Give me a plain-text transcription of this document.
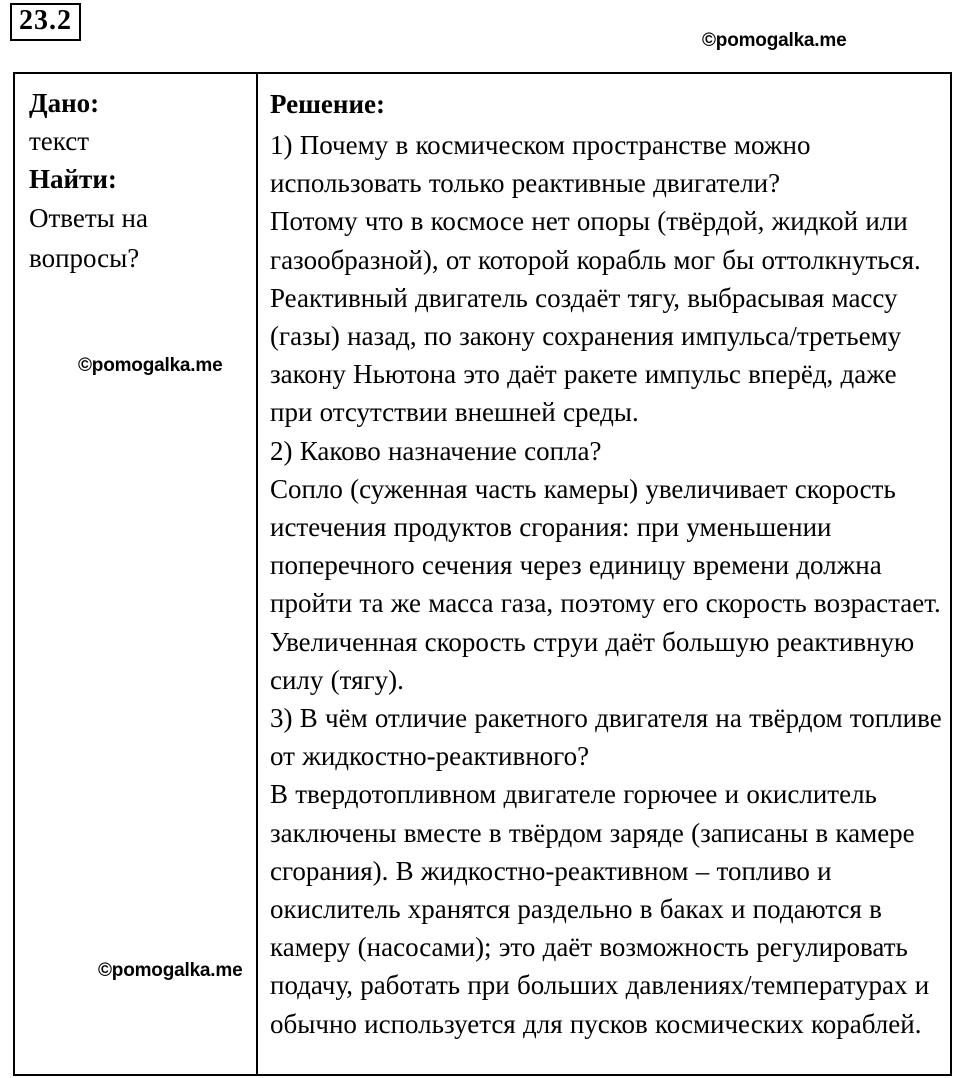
23.2
©pomogalka.me

Дано:

текст

Найти:

Ответы на вопросы?

©pomogalka.me
©pomogalka.me

Решение:

1) Почему в космическом пространстве можно использовать только реактивные двигатели?

Потому что в космосе нет опоры (твёрдой, жидкой или газообразной), от которой корабль мог бы оттолкнуться. Реактивный двигатель создаёт тягу, выбрасывая массу (газы) назад, по закону сохранения импульса/третьему закону Ньютона это даёт ракете импульс вперёд, даже при отсутствии внешней среды.

2) Каково назначение сопла?

Сопло (суженная часть камеры) увеличивает скорость истечения продуктов сгорания: при уменьшении поперечного сечения через единицу времени должна пройти та же масса газа, поэтому его скорость возрастает. Увеличенная скорость струи даёт большую реактивную силу (тягу).

3) В чём отличие ракетного двигателя на твёрдом топливе от жидкостно-реактивного?

В твердотопливном двигателе горючее и окислитель заключены вместе в твёрдом заряде (записаны в камере сгорания). В жидкостно-реактивном – топливо и окислитель хранятся раздельно в баках и подаются в камеру (насосами); это даёт возможность регулировать подачу, работать при больших давлениях/температурах и обычно используется для пусков космических кораблей.
